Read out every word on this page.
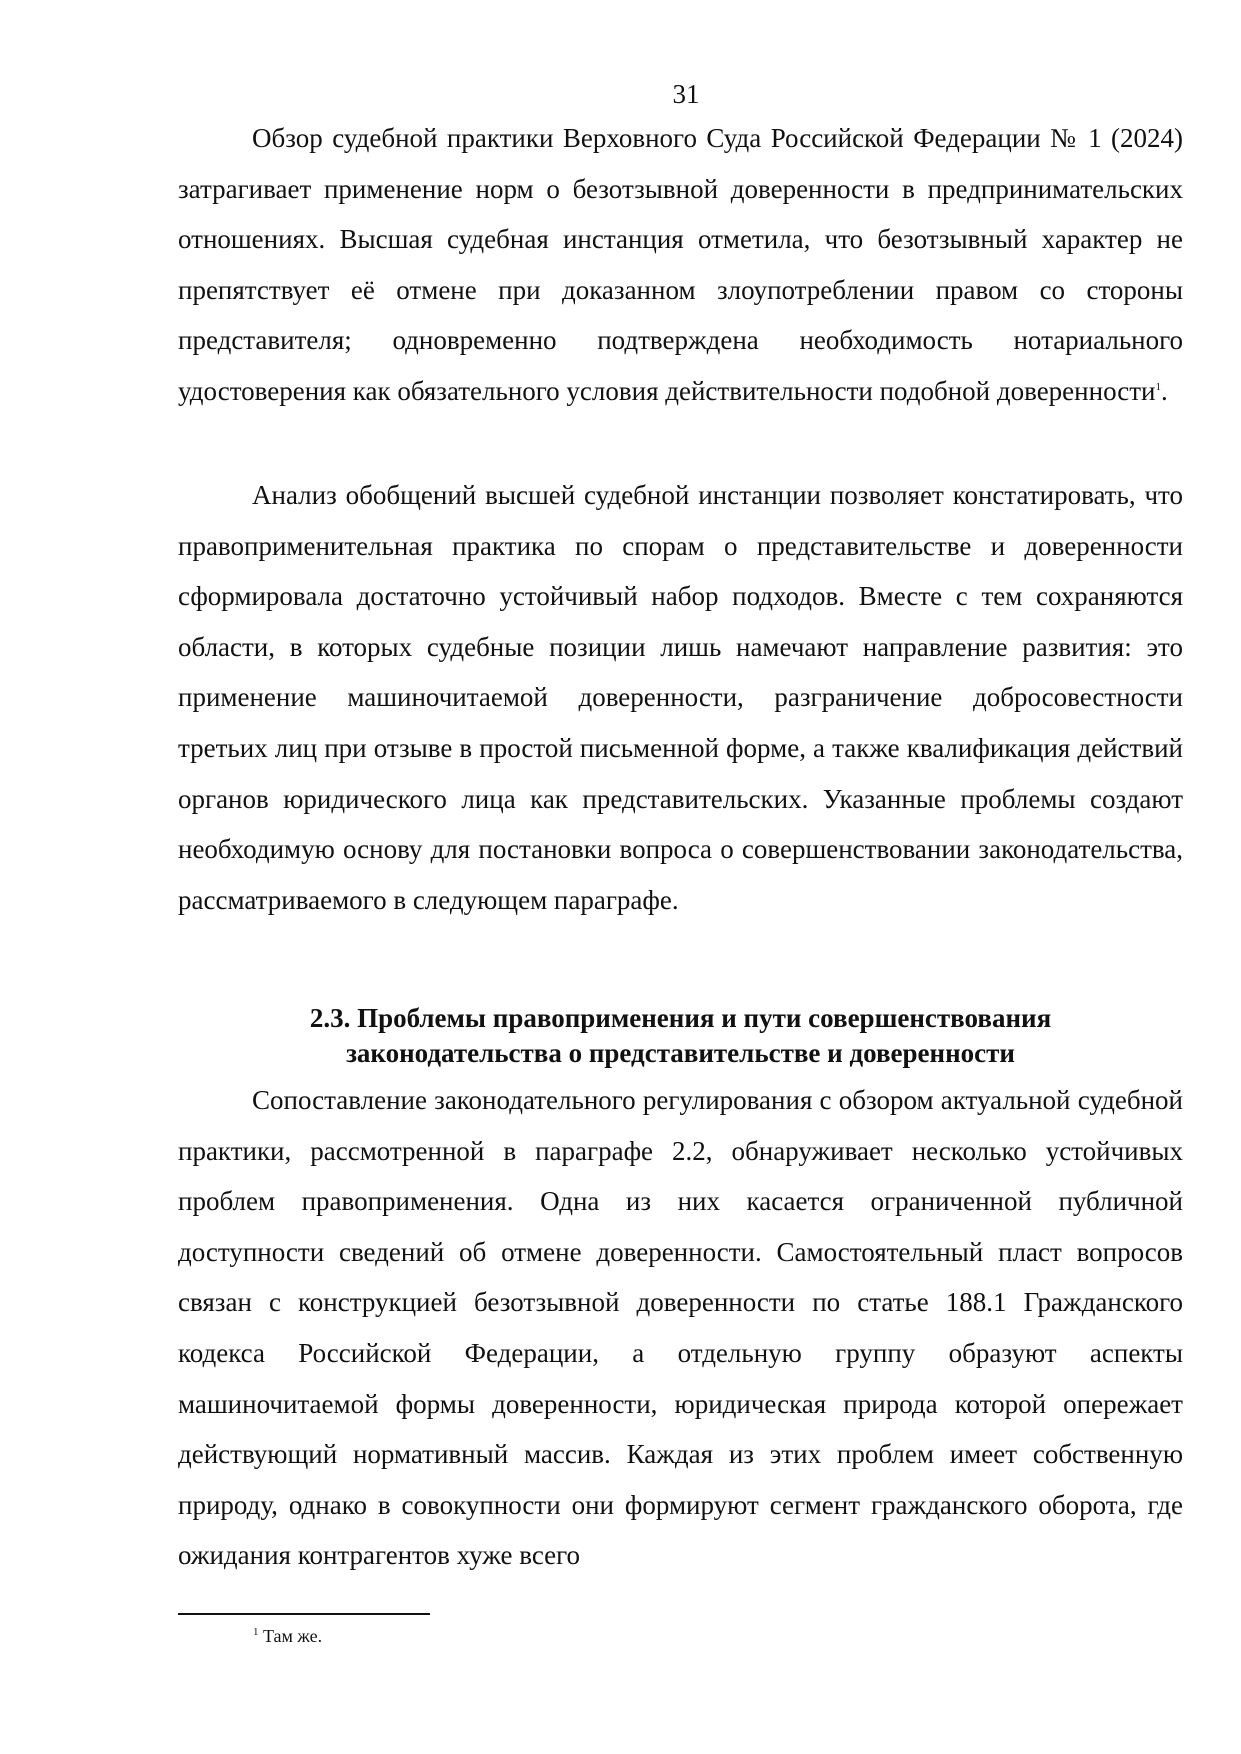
31

Обзор судебной практики Верховного Суда Российской Федерации № 1 (2024) затрагивает применение норм о безотзывной доверенности в предпринимательских отношениях. Высшая судебная инстанция отметила, что безотзывный характер не препятствует её отмене при доказанном злоупотреблении правом со стороны представителя; одновременно подтверждена необходимость нотариального удостоверения как обязательного условия действительности подобной доверенности$^1$.

Анализ обобщений высшей судебной инстанции позволяет констатировать, что правоприменительная практика по спорам о представительстве и доверенности сформировала достаточно устойчивый набор подходов. Вместе с тем сохраняются области, в которых судебные позиции лишь намечают направление развития: это применение машиночитаемой доверенности, разграничение добросовестности третьих лиц при отзыве в простой письменной форме, а также квалификация действий органов юридического лица как представительских. Указанные проблемы создают необходимую основу для постановки вопроса о совершенствовании законодательства, рассматриваемого в следующем параграфе.

2.3. Проблемы правоприменения и пути совершенствования
законодательства о представительстве и доверенности

Сопоставление законодательного регулирования с обзором актуальной судебной практики, рассмотренной в параграфе 2.2, обнаруживает несколько устойчивых проблем правоприменения. Одна из них касается ограниченной публичной доступности сведений об отмене доверенности. Самостоятельный пласт вопросов связан с конструкцией безотзывной доверенности по статье 188.1 Гражданского кодекса Российской Федерации, а отдельную группу образуют аспекты машиночитаемой формы доверенности, юридическая природа которой опережает действующий нормативный массив. Каждая из этих проблем имеет собственную природу, однако в совокупности они формируют сегмент гражданского оборота, где ожидания контрагентов хуже всего

$^1$ Там же.
